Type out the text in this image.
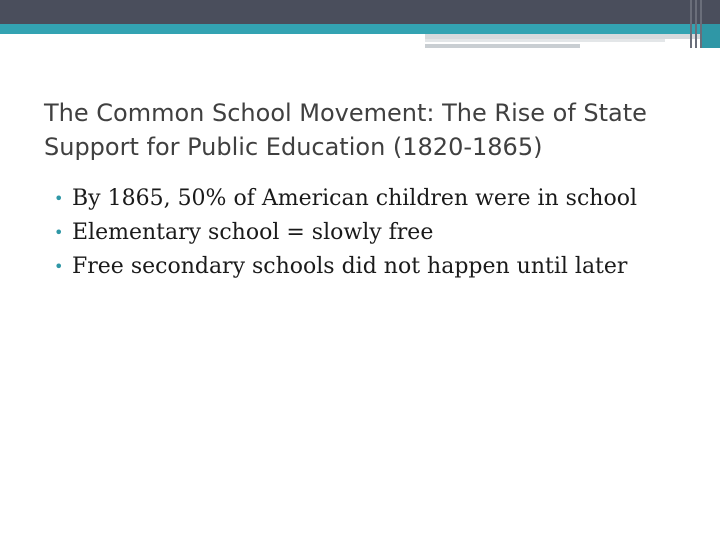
The Common School Movement: The Rise of State Support for Public Education (1820-1865)
• By 1865, 50% of American children were in school
• Elementary school = slowly free
• Free secondary schools did not happen until later
